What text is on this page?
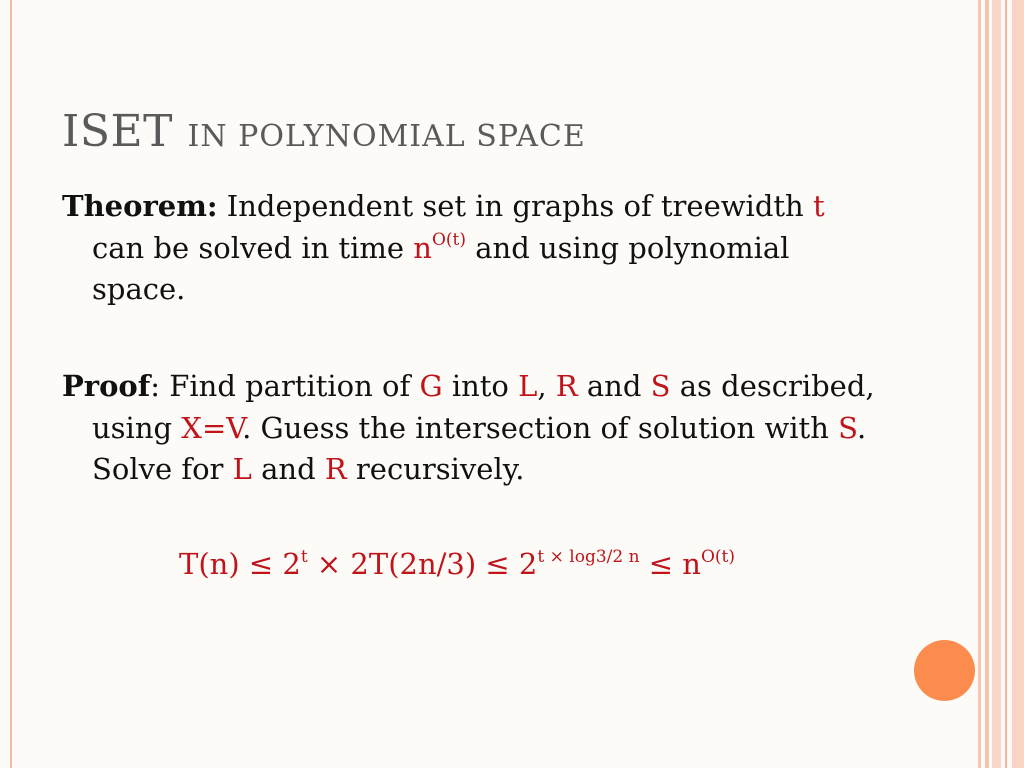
ISET IN POLYNOMIAL SPACE
Theorem: Independent set in graphs of treewidth t can be solved in time $n^{O(t)}$ and using polynomial space.
Proof: Find partition of G into L, R and S as described, using X=V. Guess the intersection of solution with S. Solve for L and R recursively.
$T(n) \le 2^t \times 2T(2n/3) \le 2^{t \times log3/2 n} \le n^{O(t)}$
